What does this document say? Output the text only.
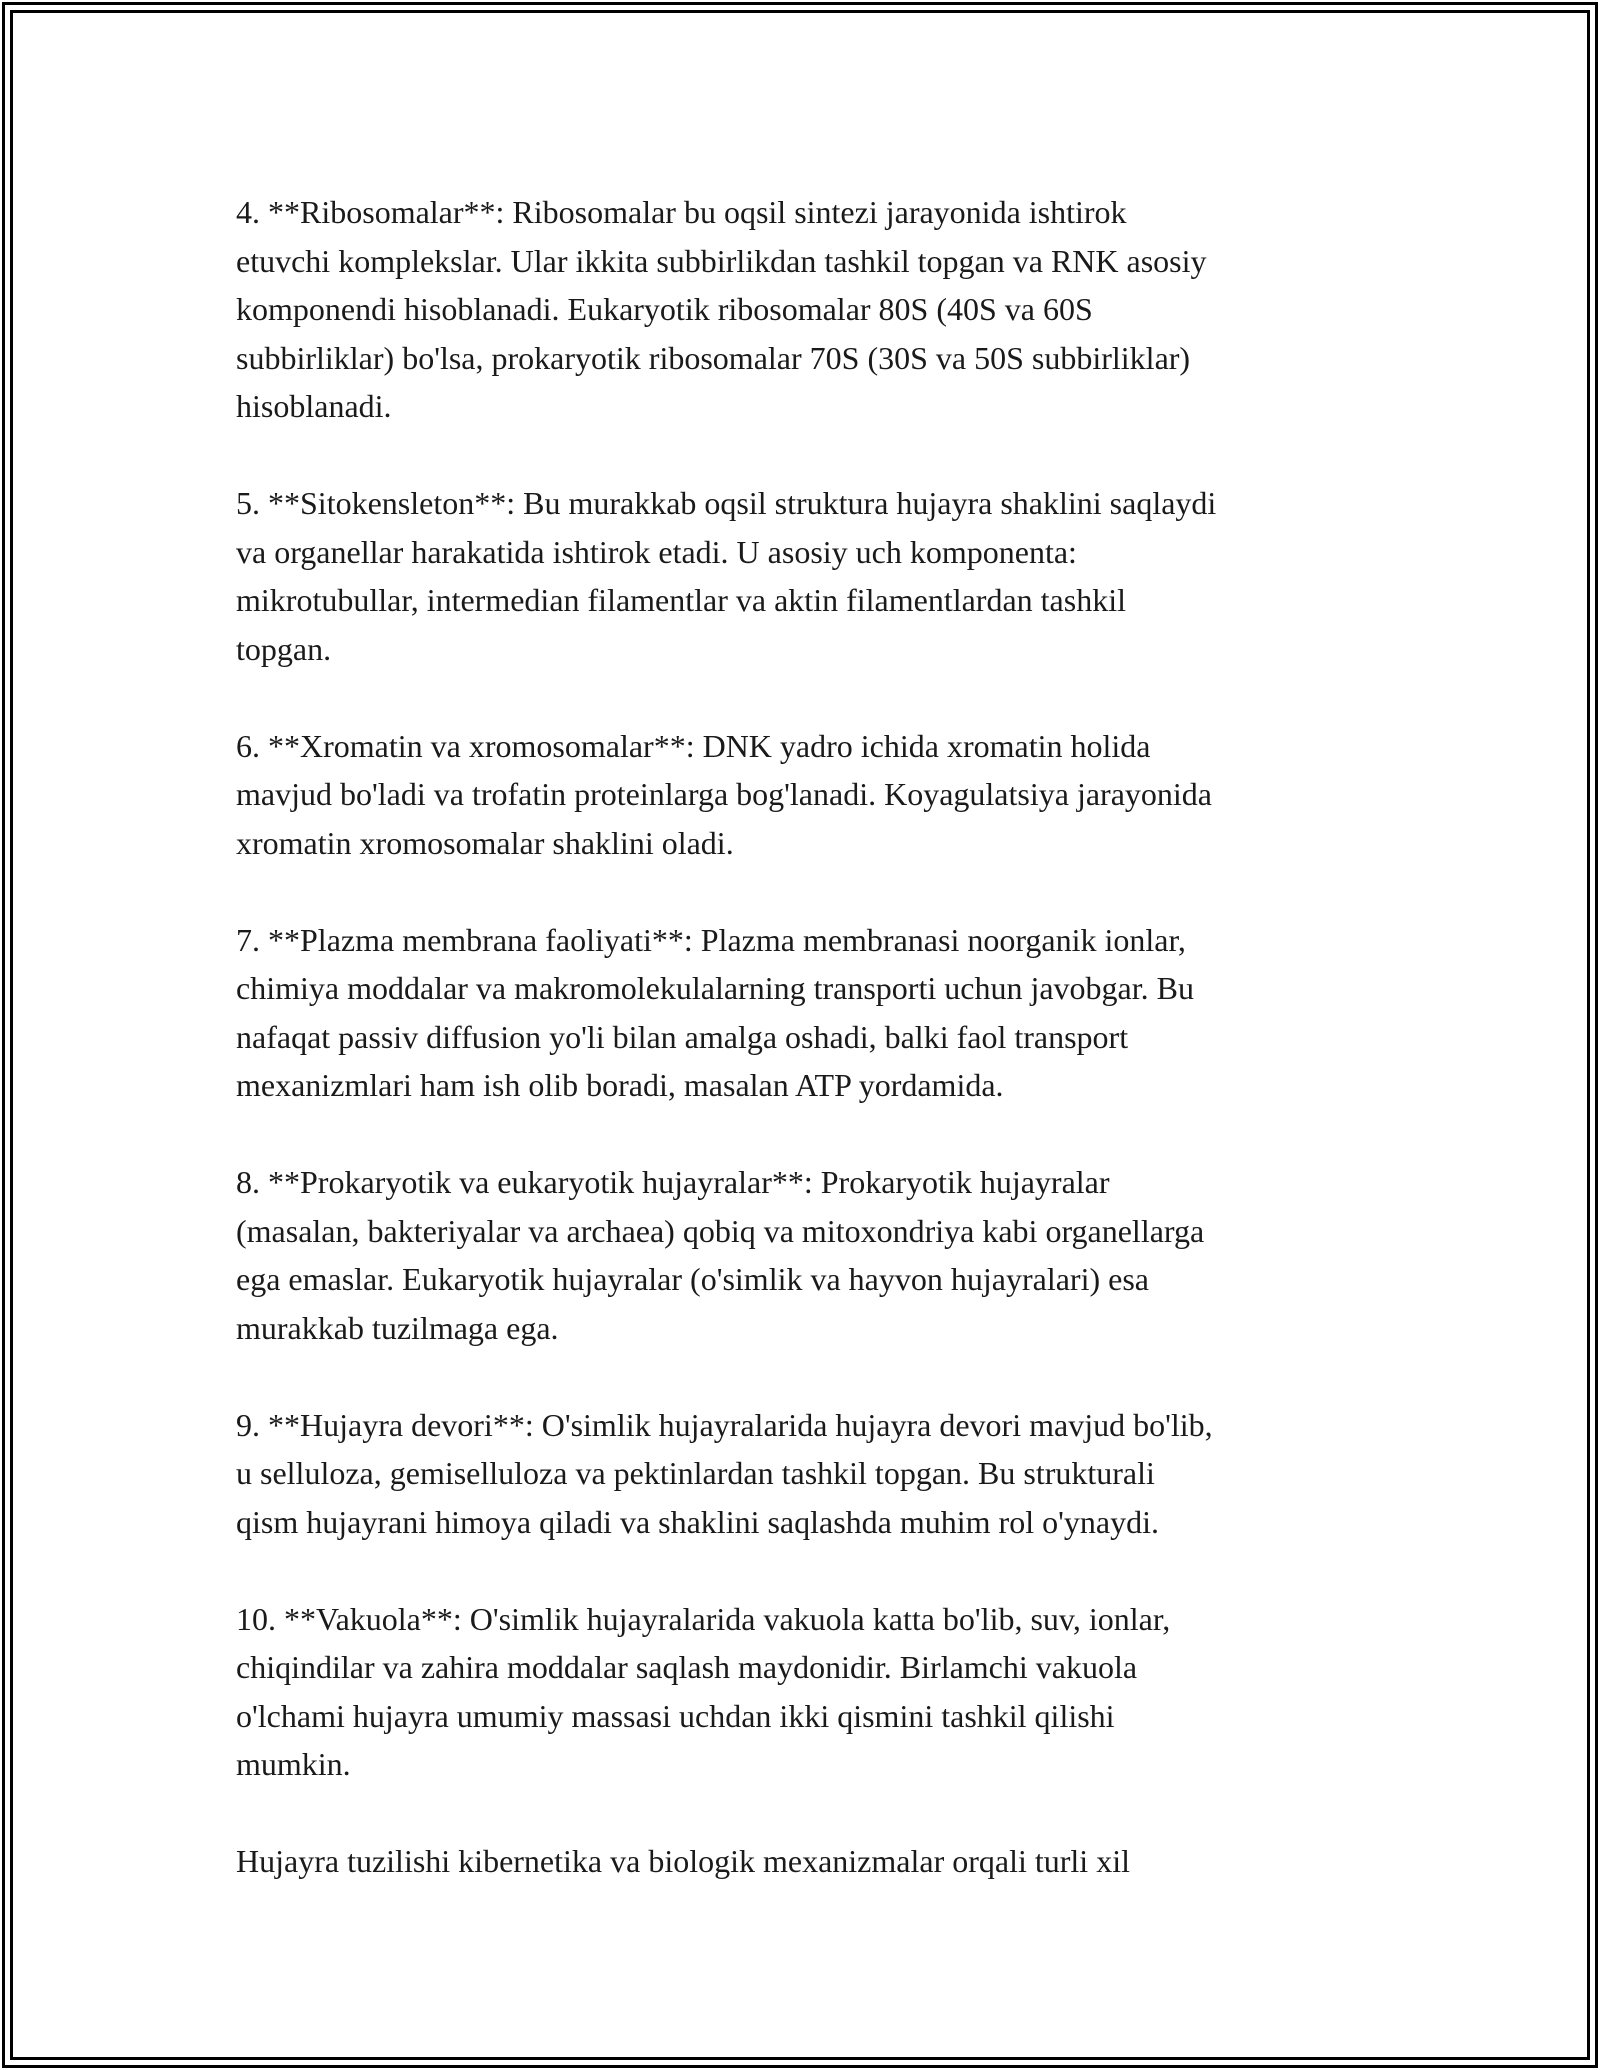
4. **Ribosomalar**: Ribosomalar bu oqsil sintezi jarayonida ishtirok
etuvchi komplekslar. Ular ikkita subbirlikdan tashkil topgan va RNK asosiy
komponendi hisoblanadi. Eukaryotik ribosomalar 80S (40S va 60S
subbirliklar) bo'lsa, prokaryotik ribosomalar 70S (30S va 50S subbirliklar)
hisoblanadi.

5. **Sitokensleton**: Bu murakkab oqsil struktura hujayra shaklini saqlaydi
va organellar harakatida ishtirok etadi. U asosiy uch komponenta:
mikrotubullar, intermedian filamentlar va aktin filamentlardan tashkil
topgan.

6. **Xromatin va xromosomalar**: DNK yadro ichida xromatin holida
mavjud bo'ladi va trofatin proteinlarga bog'lanadi. Koyagulatsiya jarayonida
xromatin xromosomalar shaklini oladi.

7. **Plazma membrana faoliyati**: Plazma membranasi noorganik ionlar,
chimiya moddalar va makromolekulalarning transporti uchun javobgar. Bu
nafaqat passiv diffusion yo'li bilan amalga oshadi, balki faol transport
mexanizmlari ham ish olib boradi, masalan ATP yordamida.

8. **Prokaryotik va eukaryotik hujayralar**: Prokaryotik hujayralar
(masalan, bakteriyalar va archaea) qobiq va mitoxondriya kabi organellarga
ega emaslar. Eukaryotik hujayralar (o'simlik va hayvon hujayralari) esa
murakkab tuzilmaga ega.

9. **Hujayra devori**: O'simlik hujayralarida hujayra devori mavjud bo'lib,
u selluloza, gemiselluloza va pektinlardan tashkil topgan. Bu strukturali
qism hujayrani himoya qiladi va shaklini saqlashda muhim rol o'ynaydi.

10. **Vakuola**: O'simlik hujayralarida vakuola katta bo'lib, suv, ionlar,
chiqindilar va zahira moddalar saqlash maydonidir. Birlamchi vakuola
o'lchami hujayra umumiy massasi uchdan ikki qismini tashkil qilishi
mumkin.

Hujayra tuzilishi kibernetika va biologik mexanizmalar orqali turli xil
